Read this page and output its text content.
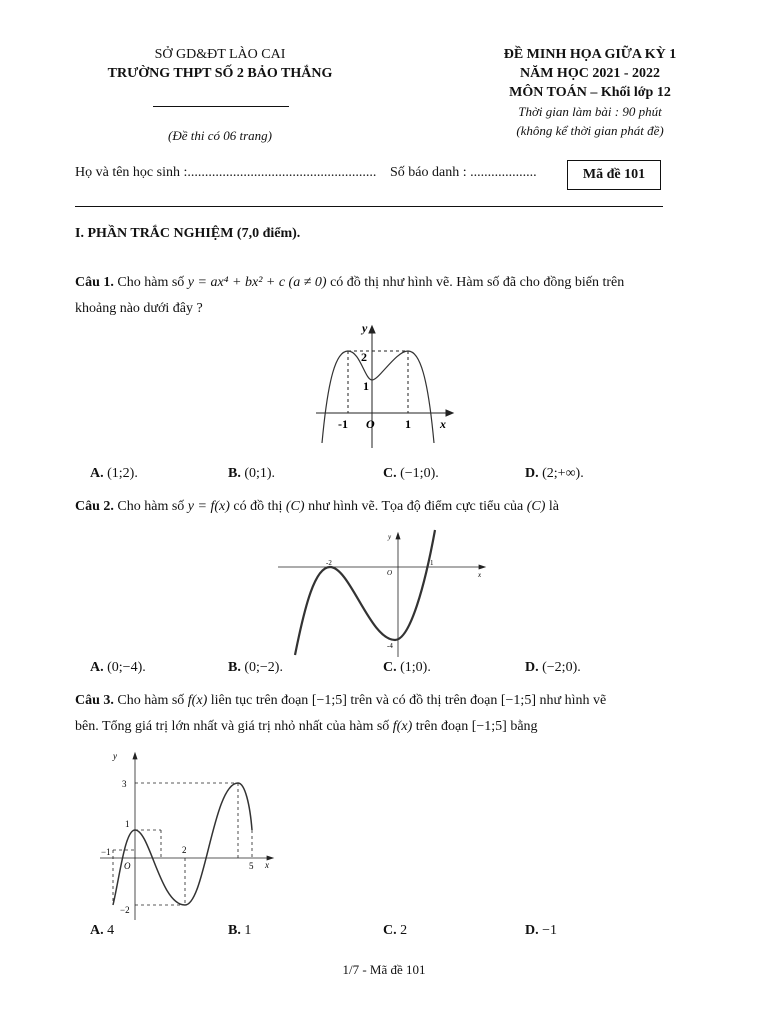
SỞ GD&ĐT LÀO CAI
TRƯỜNG THPT SỐ 2 BẢO THẮNG
(Đề thi có 06 trang)
ĐỀ MINH HỌA GIỮA KỲ 1
NĂM HỌC 2021 - 2022
MÔN TOÁN – Khối lớp 12
Thời gian làm bài : 90 phút
(không kể thời gian phát đề)
Họ và tên học sinh :...................................................... Số báo danh : ...................	Mã đề 101
I. PHẦN TRẮC NGHIỆM (7,0 điểm).
Câu 1. Cho hàm số y = ax⁴ + bx² + c (a ≠ 0) có đồ thị như hình vẽ. Hàm số đã cho đồng biến trên
khoảng nào dưới đây ?
y
x
-1 O	1
2
1
A. (1;2).	B. (0;1).	C. (−1;0).	D. (2;+∞).
Câu 2. Cho hàm số y = f(x) có đồ thị (C) như hình vẽ. Tọa độ điểm cực tiểu của (C) là
y
x
-2
O
1
-4
A. (0;−4).	B. (0;−2).	C. (1;0).	D. (−2;0).
Câu 3. Cho hàm số f(x) liên tục trên đoạn [−1;5] trên và có đồ thị trên đoạn [−1;5] như hình vẽ
bên. Tổng giá trị lớn nhất và giá trị nhỏ nhất của hàm số f(x) trên đoạn [−1;5] bằng
y
x
3
1
−1
O
2
5
−2
A. 4	B. 1	C. 2	D. −1
1/7 - Mã đề 101
